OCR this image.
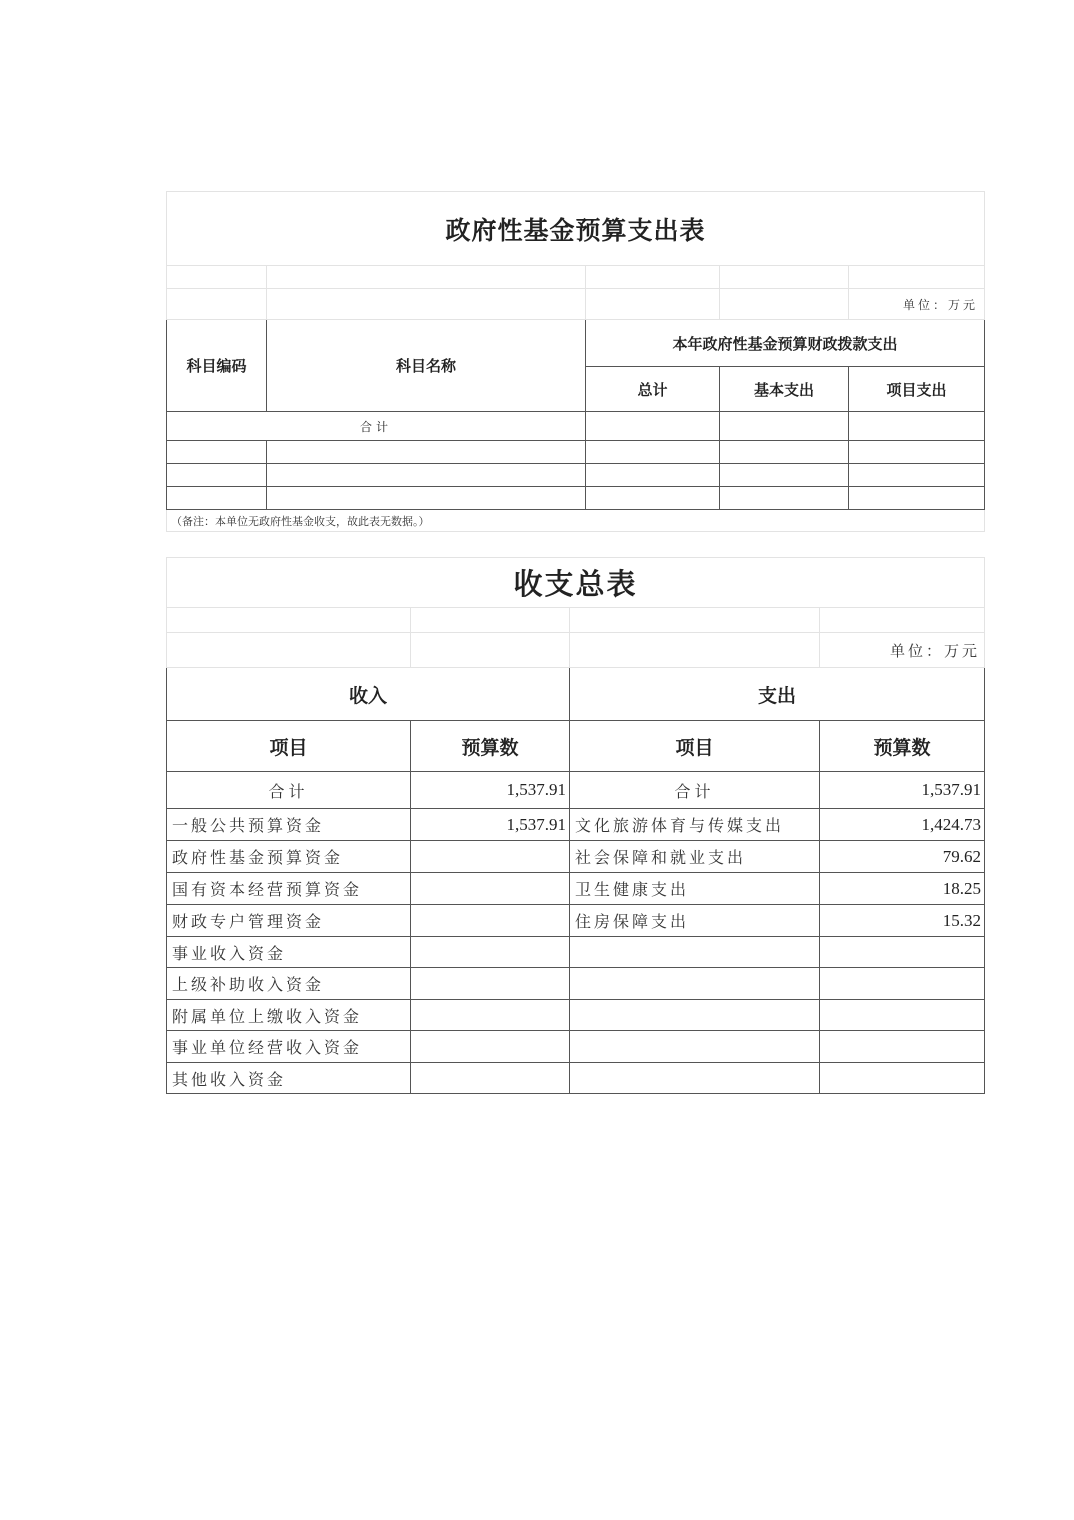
政府性基金预算支出表				

				单位：万元
科目编码	科目名称	本年政府性基金预算财政拨款支出		
		总计	基本支出	项目支出
合计				

（备注：本单位无政府性基金收支，故此表无数据。）				
收支总表			

			单位：万元
收入		支出	
项目	预算数	项目	预算数
合计	1,537.91	合计	1,537.91
一般公共预算资金	1,537.91	文化旅游体育与传媒支出	1,424.73
政府性基金预算资金		社会保障和就业支出	79.62
国有资本经营预算资金		卫生健康支出	18.25
财政专户管理资金		住房保障支出	15.32
事业收入资金			
上级补助收入资金			
附属单位上缴收入资金			
事业单位经营收入资金			
其他收入资金			
